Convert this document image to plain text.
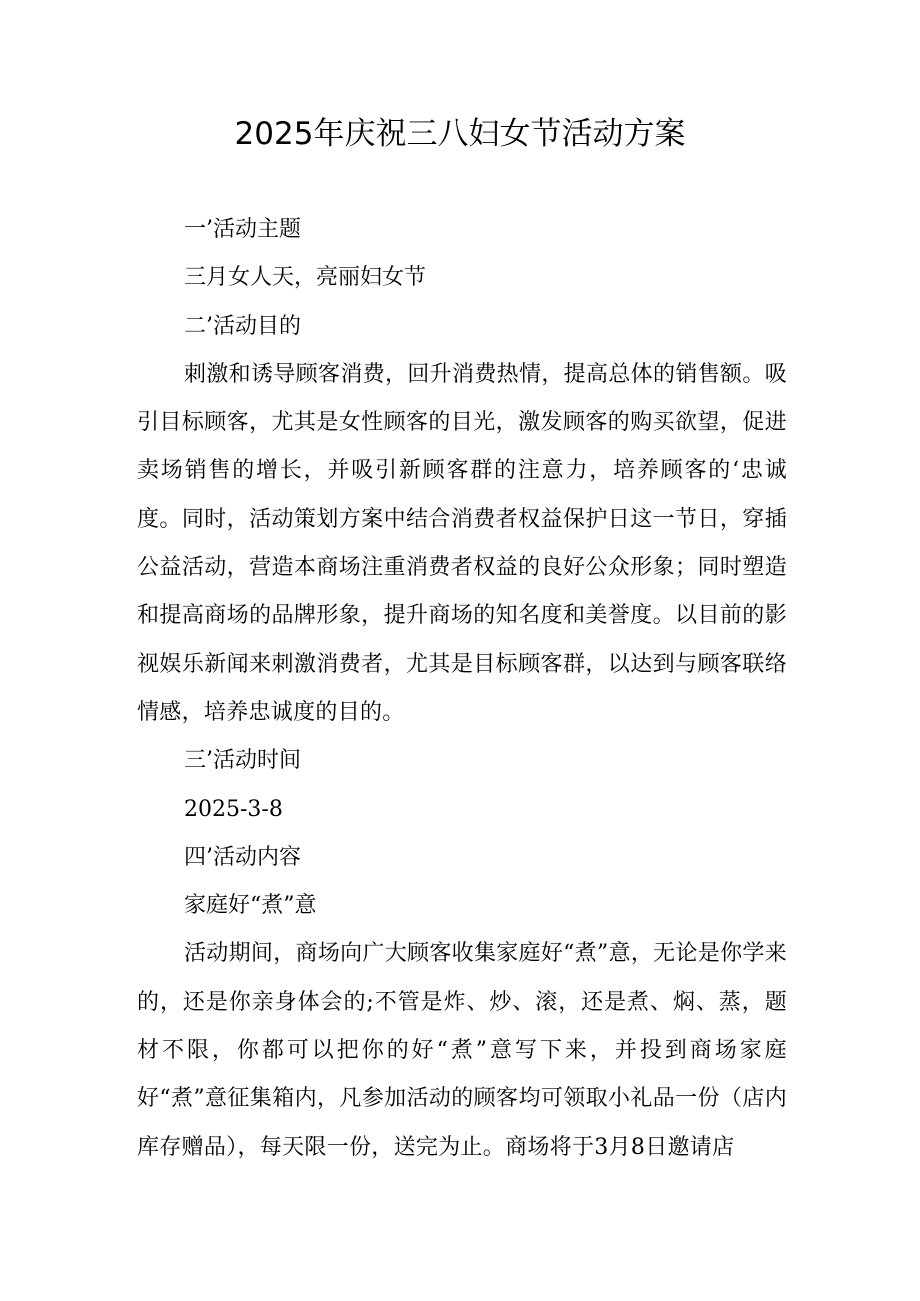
2025年庆祝三八妇女节活动方案

一’活动主题

三月女人天，亮丽妇女节

二’活动目的

刺激和诱导顾客消费，回升消费热情，提高总体的销售额。吸引目标顾客，尤其是女性顾客的目光，激发顾客的购买欲望，促进卖场销售的增长，并吸引新顾客群的注意力，培养顾客的‘忠诚度。同时，活动策划方案中结合消费者权益保护日这一节日，穿插公益活动，营造本商场注重消费者权益的良好公众形象；同时塑造和提高商场的品牌形象，提升商场的知名度和美誉度。以目前的影视娱乐新闻来刺激消费者，尤其是目标顾客群，以达到与顾客联络情感，培养忠诚度的目的。

三’活动时间

2025-3-8

四’活动内容

家庭好“煮”意

活动期间，商场向广大顾客收集家庭好“煮”意，无论是你学来的，还是你亲身体会的;不管是炸、炒、滚，还是煮、焖、蒸，题材不限，你都可以把你的好“煮”意写下来，并投到商场家庭好“煮”意征集箱内，凡参加活动的顾客均可领取小礼品一份（店内库存赠品），每天限一份，送完为止。商场将于3月8日邀请店
